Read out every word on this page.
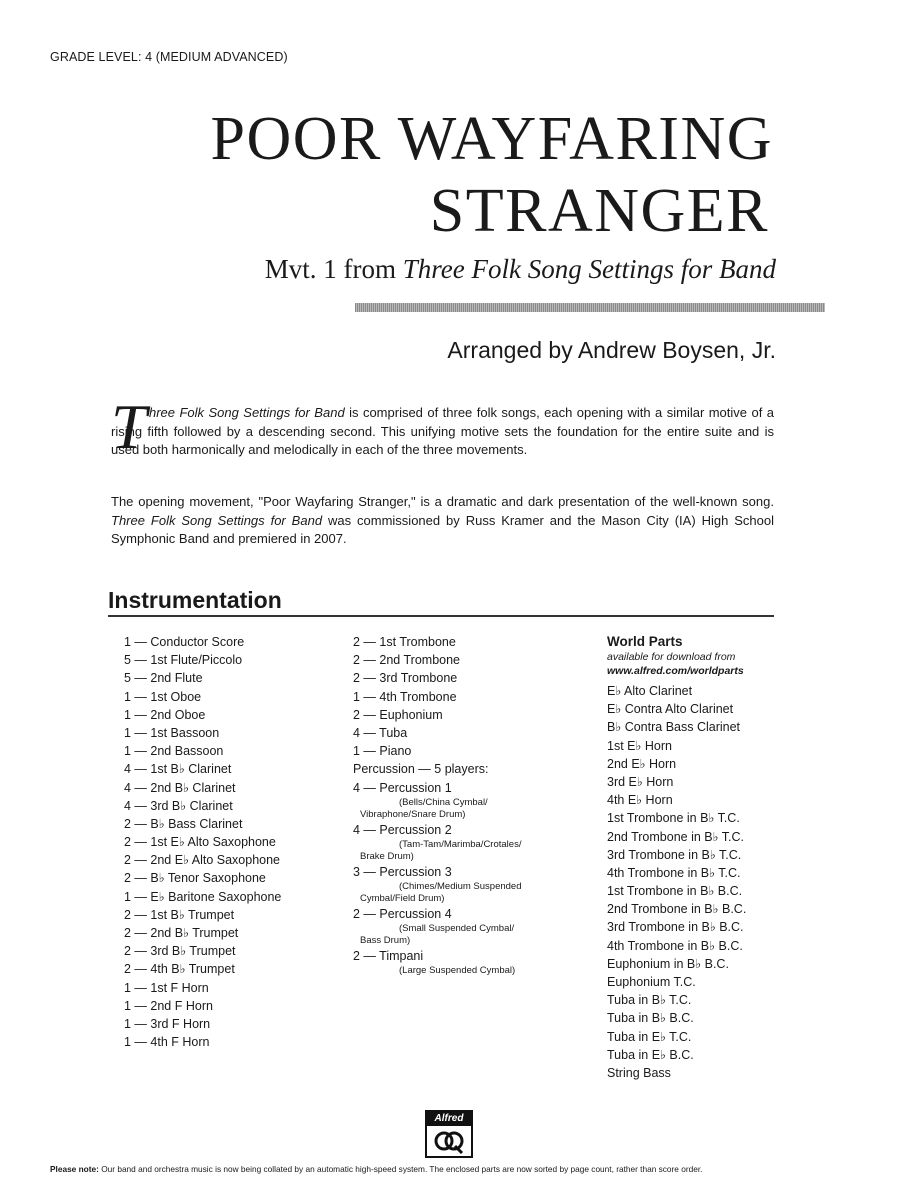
GRADE LEVEL: 4 (MEDIUM ADVANCED)
POOR WAYFARING
STRANGER
Mvt. 1 from Three Folk Song Settings for Band
Arranged by Andrew Boysen, Jr.
T hree Folk Song Settings for Band is comprised of three folk songs, each opening with a similar motive of a rising fifth followed by a descending second. This unifying motive sets the foundation for the entire suite and is used both harmonically and melodically in each of the three movements.
The opening movement, "Poor Wayfaring Stranger," is a dramatic and dark presentation of the well-known song. Three Folk Song Settings for Band was commissioned by Russ Kramer and the Mason City (IA) High School Symphonic Band and premiered in 2007.
Instrumentation
1 — Conductor Score
5 — 1st Flute/Piccolo
5 — 2nd Flute
1 — 1st Oboe
1 — 2nd Oboe
1 — 1st Bassoon
1 — 2nd Bassoon
4 — 1st B♭ Clarinet
4 — 2nd B♭ Clarinet
4 — 3rd B♭ Clarinet
2 — B♭ Bass Clarinet
2 — 1st E♭ Alto Saxophone
2 — 2nd E♭ Alto Saxophone
2 — B♭ Tenor Saxophone
1 — E♭ Baritone Saxophone
2 — 1st B♭ Trumpet
2 — 2nd B♭ Trumpet
2 — 3rd B♭ Trumpet
2 — 4th B♭ Trumpet
1 — 1st F Horn
1 — 2nd F Horn
1 — 3rd F Horn
1 — 4th F Horn
2 — 1st Trombone
2 — 2nd Trombone
2 — 3rd Trombone
1 — 4th Trombone
2 — Euphonium
4 — Tuba
1 — Piano
Percussion — 5 players:
4 — Percussion 1
(Bells/China Cymbal/
Vibraphone/Snare Drum)
4 — Percussion 2
(Tam-Tam/Marimba/Crotales/
Brake Drum)
3 — Percussion 3
(Chimes/Medium Suspended
Cymbal/Field Drum)
2 — Percussion 4
(Small Suspended Cymbal/
Bass Drum)
2 — Timpani
(Large Suspended Cymbal)
World Parts
available for download from
www.alfred.com/worldparts
E♭ Alto Clarinet
E♭ Contra Alto Clarinet
B♭ Contra Bass Clarinet
1st E♭ Horn
2nd E♭ Horn
3rd E♭ Horn
4th E♭ Horn
1st Trombone in B♭ T.C.
2nd Trombone in B♭ T.C.
3rd Trombone in B♭ T.C.
4th Trombone in B♭ T.C.
1st Trombone in B♭ B.C.
2nd Trombone in B♭ B.C.
3rd Trombone in B♭ B.C.
4th Trombone in B♭ B.C.
Euphonium in B♭ B.C.
Euphonium T.C.
Tuba in B♭ T.C.
Tuba in B♭ B.C.
Tuba in E♭ T.C.
Tuba in E♭ B.C.
String Bass
Alfred
Please note: Our band and orchestra music is now being collated by an automatic high-speed system. The enclosed parts are now sorted by page count, rather than score order.
